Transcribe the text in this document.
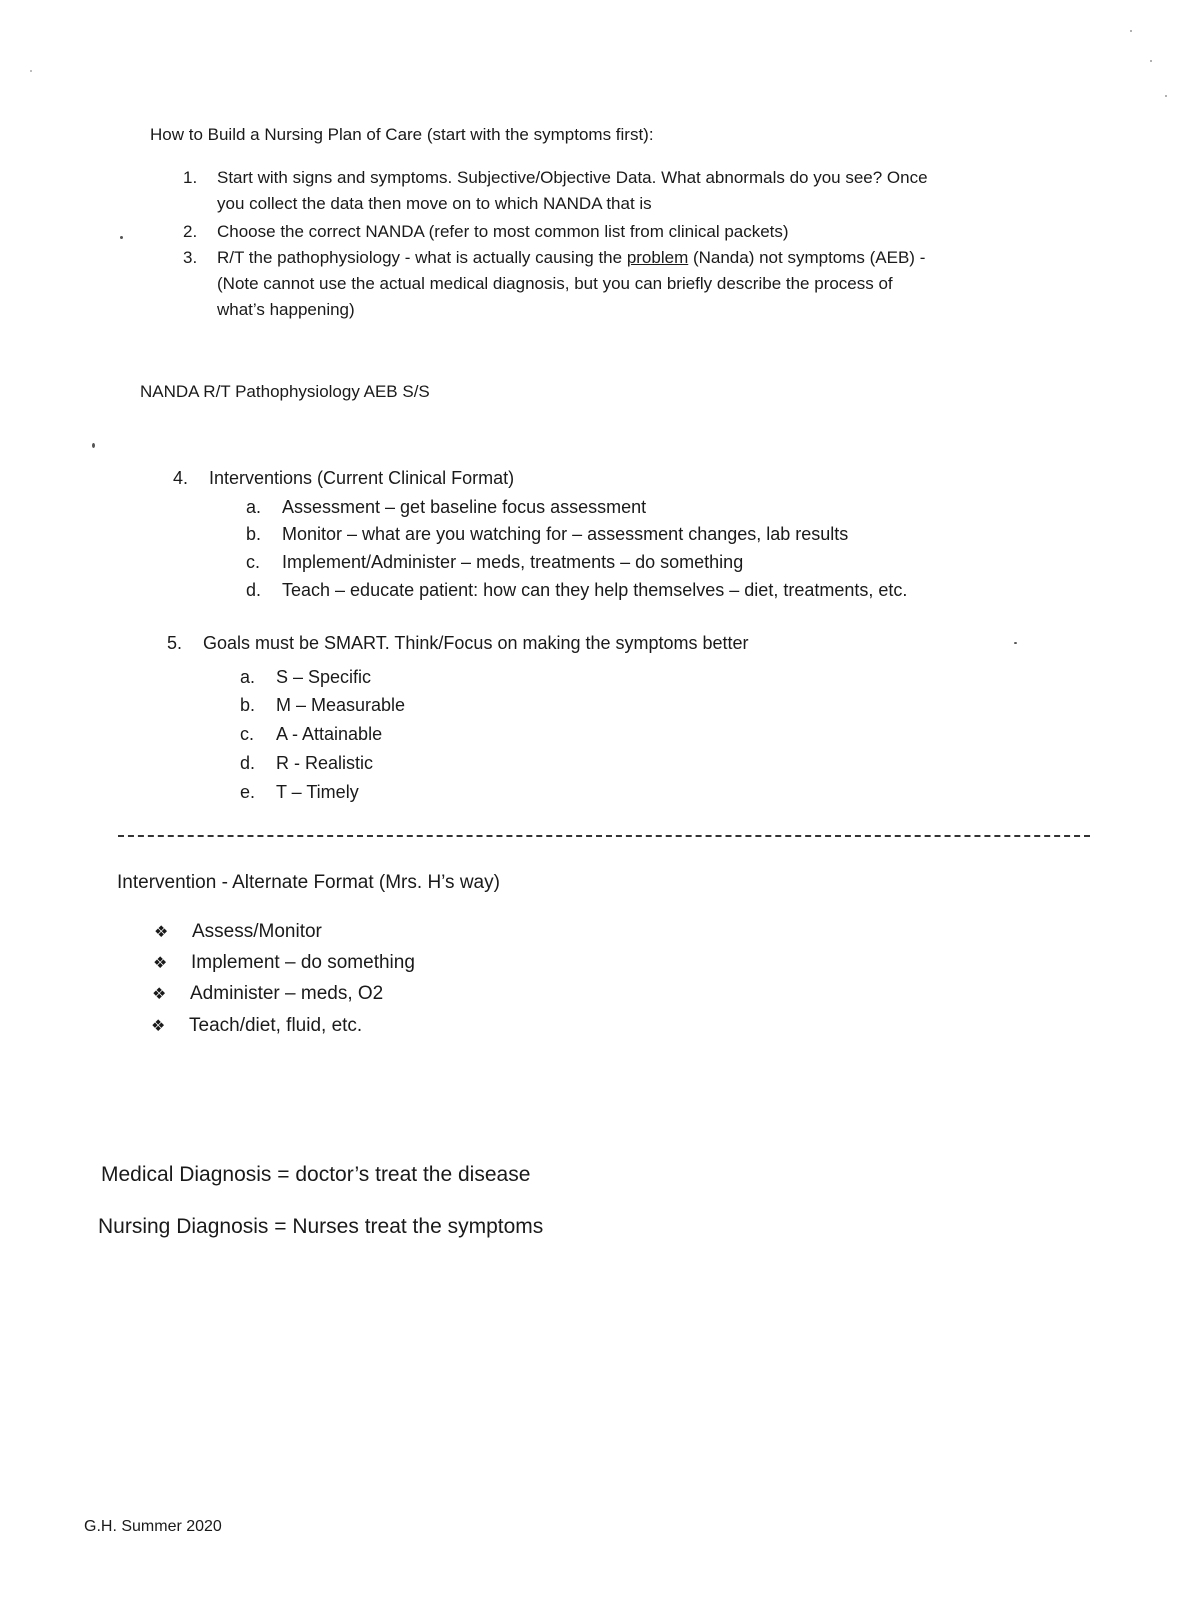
How to Build a Nursing Plan of Care (start with the symptoms first):
1.	Start with signs and symptoms. Subjective/Objective Data. What abnormals do you see? Once
you collect the data then move on to which NANDA that is
2.	Choose the correct NANDA (refer to most common list from clinical packets)
3.	R/T the pathophysiology - what is actually causing the problem (Nanda) not symptoms (AEB) -
(Note cannot use the actual medical diagnosis, but you can briefly describe the process of
what’s happening)
NANDA R/T Pathophysiology AEB S/S
4. Interventions (Current Clinical Format)
a. Assessment – get baseline focus assessment
b. Monitor – what are you watching for – assessment changes, lab results
c. Implement/Administer – meds, treatments – do something
d. Teach – educate patient: how can they help themselves – diet, treatments, etc.
5. Goals must be SMART. Think/Focus on making the symptoms better
a. S – Specific
b. M – Measurable
c. A - Attainable
d. R - Realistic
e. T – Timely
Intervention - Alternate Format (Mrs. H’s way)
❖ Assess/Monitor
❖ Implement – do something
❖ Administer – meds, O2
❖ Teach/diet, fluid, etc.
Medical Diagnosis = doctor’s treat the disease
Nursing Diagnosis = Nurses treat the symptoms
G.H. Summer 2020
